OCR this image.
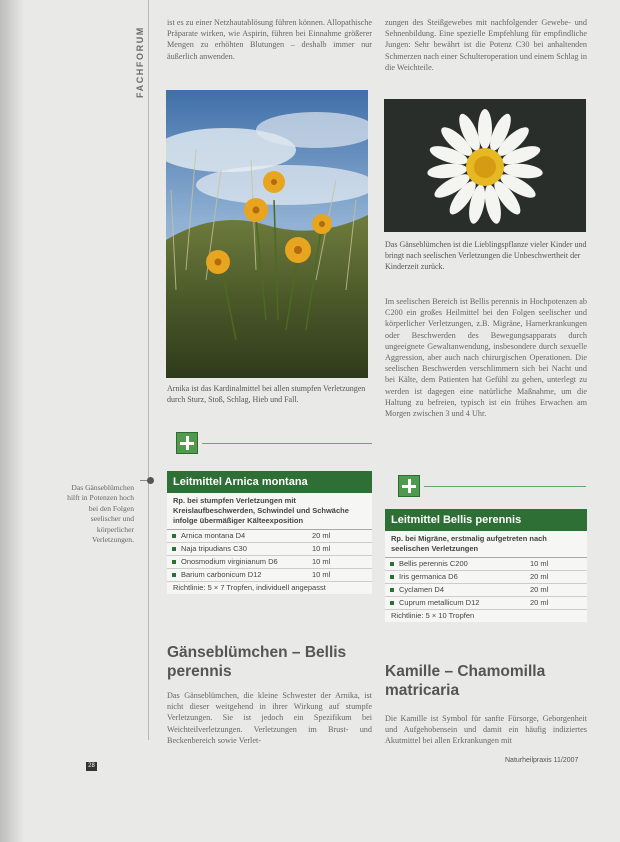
FACHFORUM

ist es zu einer Netzhautablösung führen können. Allopathische Präparate wirken, wie Aspirin, führen bei Einnahme größerer Mengen zu erhöhten Blutungen – deshalb immer nur äußerlich anwenden.

Arnika ist das Kardinalmittel bei allen stumpfen Verletzungen durch Sturz, Stoß, Schlag, Hieb und Fall.

Leitmittel Arnica montana
Rp. bei stumpfen Verletzungen mit Kreislaufbeschwerden, Schwindel und Schwäche infolge übermäßiger Kälteexposition
Arnica montana D4	20 ml
Naja tripudians C30	10 ml
Onosmodium virginianum D6	10 ml
Barium carbonicum D12	10 ml
Richtlinie: 5 × 7 Tropfen, individuell angepasst

Das Gänseblümchen hilft in Potenzen hoch bei den Folgen seelischer und körperlicher Verletzungen.

Gänseblümchen – Bellis perennis

Das Gänseblümchen, die kleine Schwester der Arnika, ist nicht dieser weitgehend in ihrer Wirkung auf stumpfe Verletzungen. Sie ist jedoch ein Spezifikum bei Weichteilverletzungen. Verletzungen im Brust- und Beckenbereich sowie Verlet-

zungen des Steißgewebes mit nachfolgender Gewebe- und Sehnenbildung. Eine spezielle Empfehlung für empfindliche Jungen: Sehr bewährt ist die Potenz C30 bei anhaltenden Schmerzen nach einer Schulteroperation und einem Schlag in die Weichteile.

Das Gänseblümchen ist die Lieblingspflanze vieler Kinder und bringt nach seelischen Verletzungen die Unbeschwertheit der Kinderzeit zurück.

Im seelischen Bereich ist Bellis perennis in Hochpotenzen ab C200 ein großes Heilmittel bei den Folgen seelischer und körperlicher Verletzungen, z.B. Migräne, Harnerkrankungen oder Beschwerden des Bewegungsapparats durch ungeeignete Gewaltanwendung, insbesondere durch sexuelle Aggression, aber auch nach chirurgischen Operationen. Die seelischen Beschwerden verschlimmern sich bei Nacht und bei Kälte, dem Patienten hat Gefühl zu gehen, unterlegt zu werden ist dagegen eine natürliche Maßnahme, um die Haltung zu befreien, typisch ist ein frühes Erwachen am Morgen zwischen 3 und 4 Uhr.

Leitmittel Bellis perennis
Rp. bei Migräne, erstmalig aufgetreten nach seelischen Verletzungen
Bellis perennis C200	10 ml
Iris germanica D6	20 ml
Cyclamen D4	20 ml
Cuprum metallicum D12	20 ml
Richtlinie: 5 × 10 Tropfen
Kamille – Chamomilla matricaria

Die Kamille ist Symbol für sanfte Fürsorge, Geborgenheit und Aufgehobensein und damit ein häufig indiziertes Akutmittel bei allen Erkrankungen mit

28

Naturheilpraxis 11/2007
